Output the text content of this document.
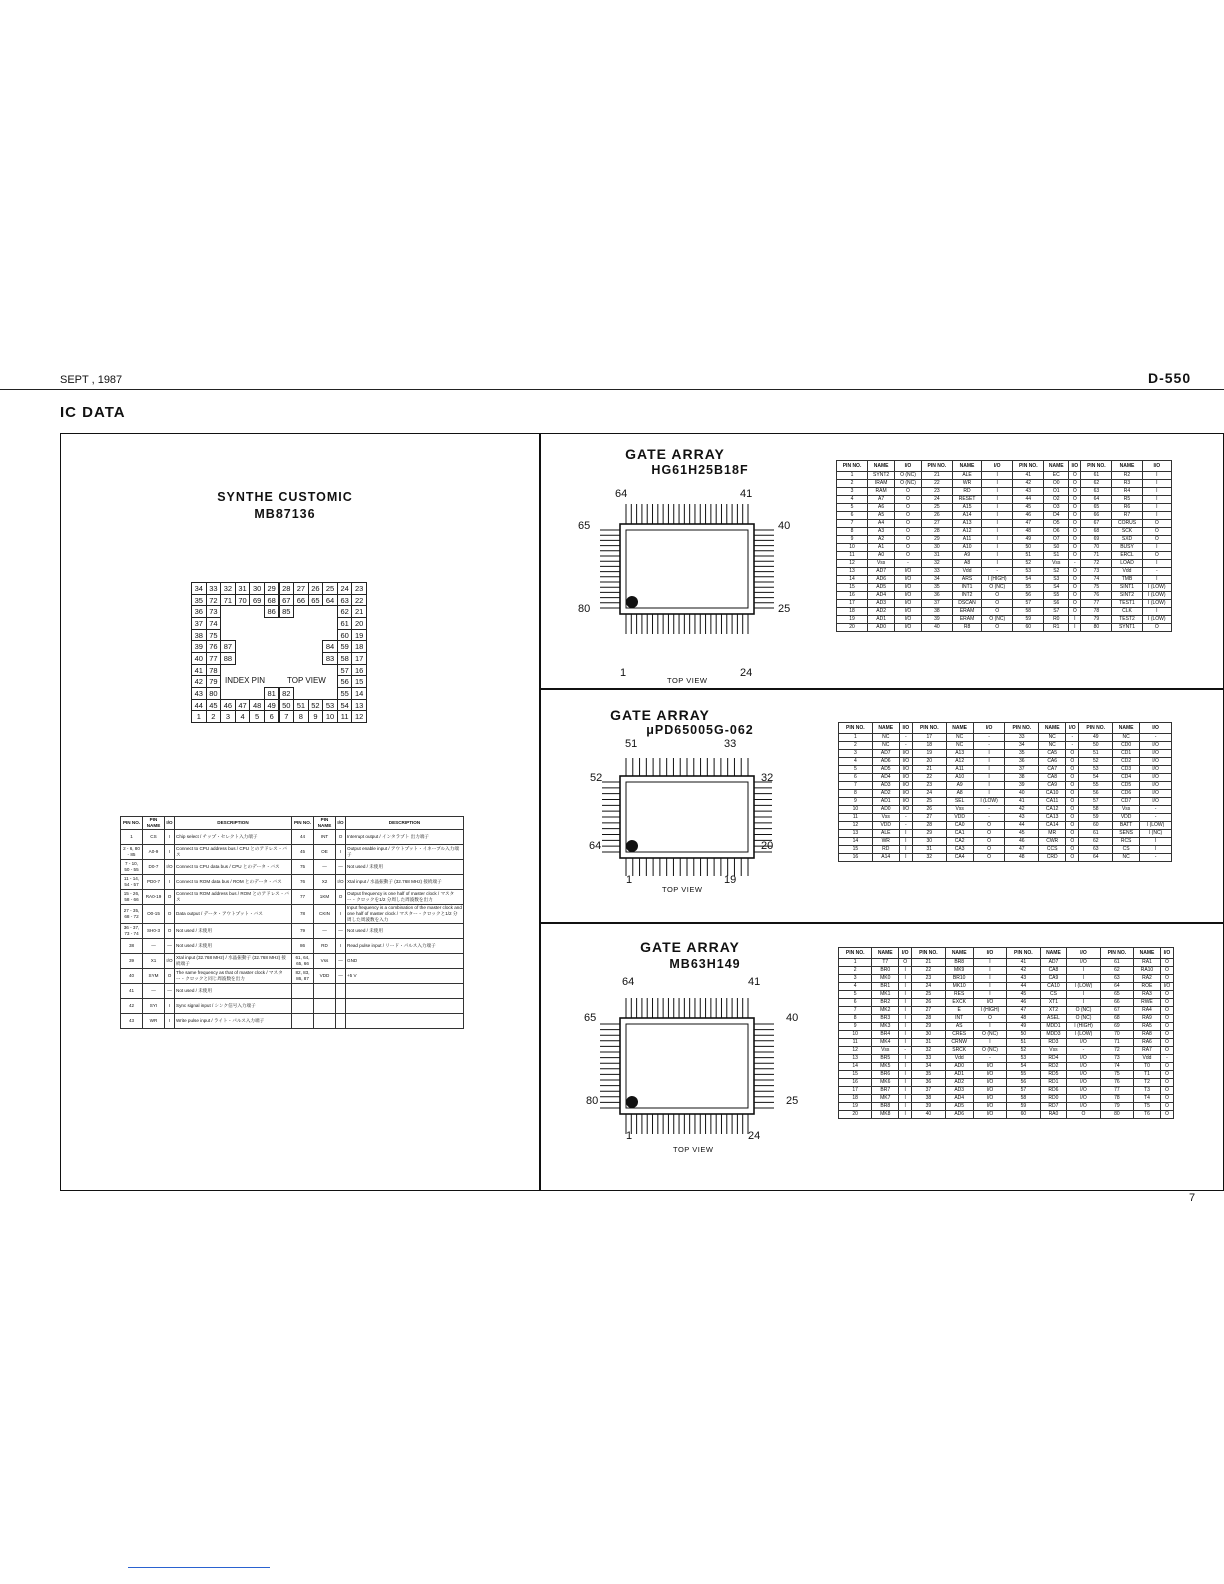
SEPT , 1987	D-550
IC DATA
SYNTHE CUSTOMIC
MB87136
34 33 32 31 30 29 28 27 26 25 24 23
35 72 71 70 69 68 67 66 65 64 63 22
36 73	86 85	62 21
37 74	61 20
38 75	60 19
39 76 87	84 59 18
40 77 88	83 58 17
41 78	57 16
42 79	56 15
43 80	81 82	55 14
44 45 46 47 48 49 50 51 52 53 54 13
1	2	3	4	5	6	7	8	9	10 11 12
INDEX PIN	TOP VIEW
PIN NO.	PIN NAME	I/O	DESCRIPTION	PIN NO.	PIN NAME	I/O	DESCRIPTION
1	CS	I	Chip select / チップ・セレクト入力端子	44	INT	O	Interrupt output / インタラプト 出力端子
2 - 6, 80 - 85	A0-9	I	Connect to CPU address bus / CPU とのアドレス・バス	45	OE	I	Output enable input / アウトプット・イネーブル入力端子
7 - 10, 50 - 55	D0-7	I/O	Connect to CPU data bus / CPU とのデータ・バス	75	—	—	Not used / 未使用
11 - 14, 54 - 57	PD0-7	I	Connect to ROM data bus / ROM とのデータ・バス	76	X2	I/O	Xtal input / 水晶振動子 (32.768 MHz) 接続端子
15 - 26, 58 - 66	RA0-19	O	Connect to ROM address bus / ROM とのアドレス・バス	77	1KM	O	Output frequency is one half of master clock / マスター・クロックを1/2 分周した周波数を出力
27 - 35, 68 - 72	O0-15	O	Data output / データ・アウトプット・バス	78	CKIN	I	Input frequency is a combination of the master clock and one half of master clock / マスター・クロックと1/2 分周した周波数を入力
36 - 37, 73 - 74	SH0-3	O	Not used / 未使用	79	—	—	Not used / 未使用
38	—	—	Not used / 未使用	86	RD	I	Read pulse input / リード・パルス入力端子
39	X1	I/O	Xtal input (32.768 MHz) / 水晶振動子 (32.768 MHz) 接続端子	61, 64, 65, 66	Vss	—	GND
40	SYM	O	The same frequency as that of master clock / マスター・クロックと同じ周波数を出力	82, 83, 86, 87	VDD	—	+5 V
41	—	—	Not used / 未使用				
42	SYI	I	Sync signal input / シンク信号入力端子				
43	WR	I	Write pulse input / ライト・パルス入力端子				
GATE ARRAY
HG61H25B18F
GATE ARRAY
μPD65005G-062
GATE ARRAY
MB63H149
64	41
65	40
80	25
1	24
TOP VIEW
51	33
52	32
64	20
1	19
TOP VIEW
64	41
65	40
80	25
1	24
TOP VIEW
PIN NO.	NAME	I/O	PIN NO.	NAME	I/O	PIN NO.	NAME	I/O	PIN NO.	NAME	I/O
1	SYNT2	O (NC)	21	ALE	I	41	EC	O	61	R2	I
2	IRAM	O (NC)	22	WR	I	42	O0	O	62	R3	I
3	RAM	O	23	RD	I	43	O1	O	63	R4	I
4	A7	O	24	RESET	I	44	O2	O	64	R5	I
5	A6	O	25	A15	I	45	O3	O	65	R6	I
6	A5	O	26	A14	I	46	D4	O	66	R7	I
7	A4	O	27	A13	I	47	O5	O	67	CORUS	O
8	A3	O	28	A12	I	48	O6	O	68	SCK	O
9	A2	O	29	A11	I	49	O7	O	69	SXD	O
10	A1	O	30	A10	I	50	S0	O	70	BUSY	I
11	A0	O	31	A9	I	51	S1	O	71	ERCL	O
12	Vss	-	32	A8	I	52	Vss	-	72	LOAD	I
13	AD7	I/O	33	Vdd	-	53	S2	O	73	Vdd	-
14	AD6	I/O	34	ARS	I (HIGH)	54	S3	O	74	TMB	I
15	AD5	I/O	35	INT1	O (NC)	55	S4	O	75	SINT1	I (LOW)
16	AD4	I/O	36	INT2	O	56	S5	O	76	SINT2	I (LOW)
17	AD3	I/O	37	DSCAN	O	57	S6	O	77	TEST1	I (LOW)
18	AD2	I/O	38	ERAM	O	58	S7	O	78	CLK	I
19	AD1	I/O	39	ERAM	O (NC)	59	R0	I	79	TEST2	I (LOW)
20	AD0	I/O	40	R8	O	60	R1	I	80	SYNT1	O
PIN NO.	NAME	I/O	PIN NO.	NAME	I/O	PIN NO.	NAME	I/O	PIN NO.	NAME	I/O
1	NC	-	17	NC	-	33	NC	-	49	NC	-
2	NC	-	18	NC	-	34	NC	-	50	CD0	I/O
3	AD7	I/O	19	A13	I	35	CA5	O	51	CD1	I/O
4	AD6	I/O	20	A12	I	36	CA6	O	52	CD2	I/O
5	AD5	I/O	21	A11	I	37	CA7	O	53	CD3	I/O
6	AD4	I/O	22	A10	I	38	CA8	O	54	CD4	I/O
7	AD3	I/O	23	A9	I	39	CA9	O	55	CD5	I/O
8	AD2	I/O	24	A8	I	40	CA10	O	56	CD6	I/O
9	AD1	I/O	25	SEL	I (LOW)	41	CA11	O	57	CD7	I/O
10	AD0	I/O	26	Vss	-	42	CA12	O	58	Vss	-
11	Vss	-	27	VDD	-	43	CA13	O	59	VDD	-
12	VDD	-	28	CA0	O	44	CA14	O	60	BATT	I (LOW)
13	ALE	I	29	CA1	O	45	MR	O	61	SENS	I (NC)
14	WR	I	30	CA2	O	46	CWR	O	62	RCS	I
15	RD	I	31	CA3	O	47	CCS	O	63	CS	I
16	A14	I	32	CA4	O	48	CRD	O	64	NC	-
PIN NO.	NAME	I/O	PIN NO.	NAME	I/O	PIN NO.	NAME	I/O	PIN NO.	NAME	I/O
1	T7	O	21	BR8	I	41	AD7	I/O	61	RA1	O
2	BR0	I	22	MK9	I	42	CA8	I	62	RA10	O
3	MK0	I	23	BR10	I	43	CA9	I	63	RA2	O
4	BR1	I	24	MK10	I	44	CA10	I (LOW)	64	ROE	I/O
5	MK1	I	25	RES	I	45	CS	I	65	RA3	O
6	BR2	I	26	EXCK	I/O	46	XT1	I	66	RWE	O
7	MK2	I	27	E	I (HIGH)	47	XT2	O (NC)	67	RA4	O
8	BR3	I	28	INT	O	48	ASEL	O (NC)	68	RA9	O
9	MK3	I	29	AS	I	49	MDD1	I (HIGH)	69	RA5	O
10	BR4	I	30	CRES	O (NC)	50	MDD3	I (LOW)	70	RA8	O
11	MK4	I	31	CRNW	I	51	RD3	I/O	71	RA6	O
12	Vss	-	32	SRCK	O (NC)	52	Vss	-	72	RA7	O
13	BR5	I	33	Vdd	-	53	RD4	I/O	73	Vdd	-
14	MK5	I	34	AD0	I/O	54	RD2	I/O	74	T0	O
15	BR6	I	35	AD1	I/O	55	RD5	I/O	75	T1	O
16	MK6	I	36	AD2	I/O	56	RD1	I/O	76	T2	O
17	BR7	I	37	AD3	I/O	57	RD6	I/O	77	T3	O
18	MK7	I	38	AD4	I/O	58	RD0	I/O	78	T4	O
19	BR8	I	39	AD5	I/O	59	RD7	I/O	79	T5	O
20	MK8	I	40	AD6	I/O	60	RA0	O	80	T6	O
7
